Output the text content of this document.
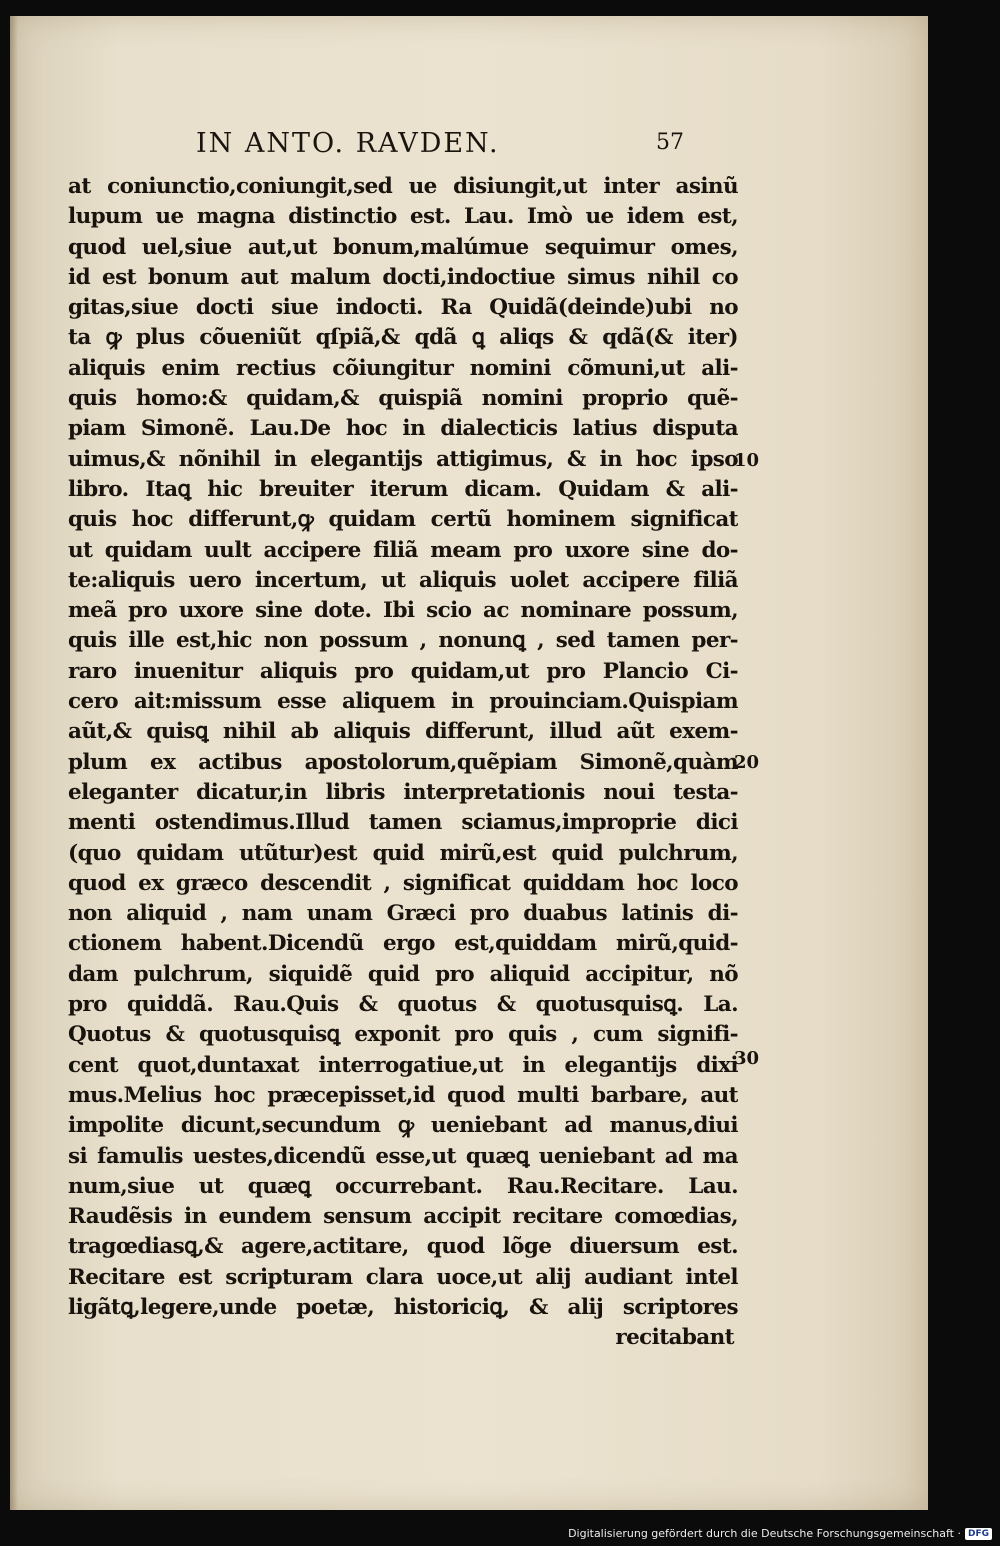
IN ANTO. RAVDEN.	57
at coniunctio,coniungit,sed ue disiungit,ut inter asinũ
lupum ue magna distinctio est. Lau. Imò ue idem est,
quod uel,siue aut,ut bonum,malúmue sequimur omes,
id est bonum aut malum docti,indoctiue simus nihil co
gitas,siue docti siue indocti. Ra Quidã(deinde)ubi no
ta ꝙ plus cõueniũt qſpiã,& qdã ꝗ aliqs & qdã(& iter)
aliquis enim rectius cõiungitur nomini cõmuni,ut ali-
quis homo:& quidam,& quispiã nomini proprio quẽ-
piam Simonẽ. Lau.De hoc in dialecticis latius disputa
uimus,& nõnihil in elegantijs attigimus, & in hoc ipso
libro. Itaꝗ hic breuiter iterum dicam. Quidam & ali-
quis hoc differunt,ꝙ quidam certũ hominem significat
ut quidam uult accipere filiã meam pro uxore sine do-
te:aliquis uero incertum, ut aliquis uolet accipere filiã
meã pro uxore sine dote. Ibi scio ac nominare possum,
quis ille est,hic non possum , nonunꝗ , sed tamen per-
raro inuenitur aliquis pro quidam,ut pro Plancio Ci-
cero ait:missum esse aliquem in prouinciam.Quispiam
aũt,& quisꝗ nihil ab aliquis differunt, illud aũt exem-
plum ex actibus apostolorum,quẽpiam Simonẽ,quàm
eleganter dicatur,in libris interpretationis noui testa-
menti ostendimus.Illud tamen sciamus,improprie dici
(quo quidam utũtur)est quid mirũ,est quid pulchrum,
quod ex græco descendit , significat quiddam hoc loco
non aliquid , nam unam Græci pro duabus latinis di-
ctionem habent.Dicendũ ergo est,quiddam mirũ,quid-
dam pulchrum, siquidẽ quid pro aliquid accipitur, nõ
pro quiddã. Rau.Quis & quotus & quotusquisꝗ. La.
Quotus & quotusquisꝗ exponit pro quis , cum signifi-
cent quot,duntaxat interrogatiue,ut in elegantijs dixi
mus.Melius hoc præcepisset,id quod multi barbare, aut
impolite dicunt,secundum ꝙ ueniebant ad manus,diui
si famulis uestes,dicendũ esse,ut quæꝗ ueniebant ad ma
num,siue ut quæꝗ occurrebant. Rau.Recitare. Lau.
Raudẽsis in eundem sensum accipit recitare comœdias,
tragœdiasꝗ,& agere,actitare, quod lõge diuersum est.
Recitare est scripturam clara uoce,ut alij audiant intel
ligãtꝗ,legere,unde poetæ, historiciꝗ, & alij scriptores
recitabant
10
20
30
Digitalisierung gefördert durch die Deutsche Forschungsgemeinschaft · DFG
